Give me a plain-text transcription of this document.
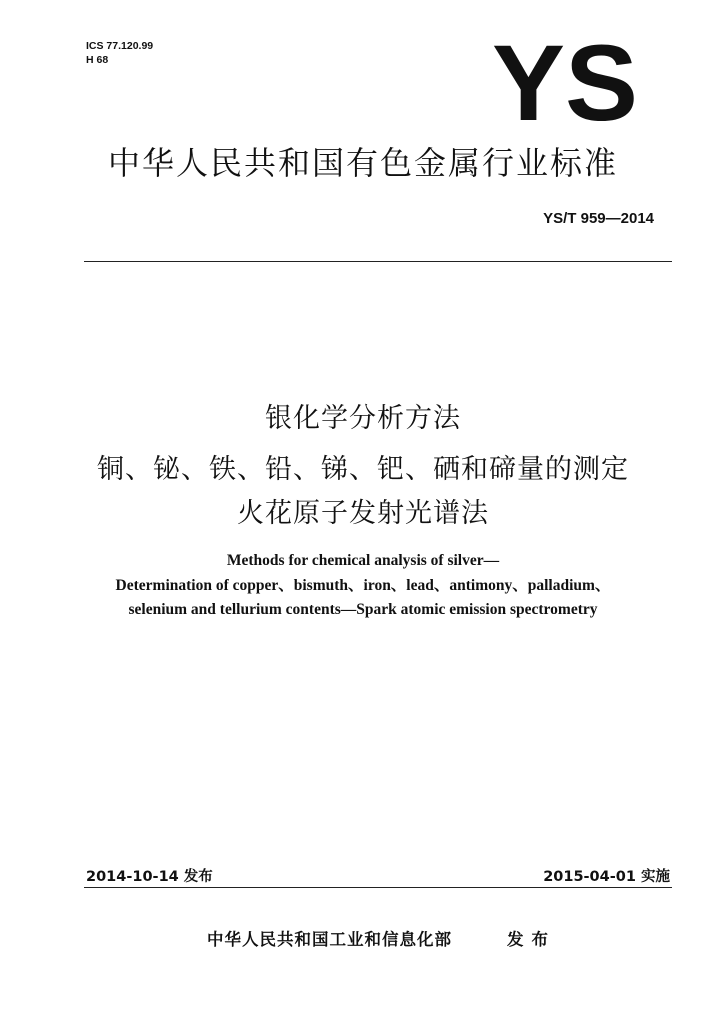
ICS 77.120.99
H 68	YS
中华人民共和国有色金属行业标准
YS/T 959—2014
银化学分析方法
铜、铋、铁、铅、锑、钯、硒和碲量的测定
火花原子发射光谱法
Methods for chemical analysis of silver—
Determination of copper、bismuth、iron、lead、antimony、palladium、
selenium and tellurium contents—Spark atomic emission spectrometry
2014-10-14 发布	2015-04-01 实施
中华人民共和国工业和信息化部	发布
